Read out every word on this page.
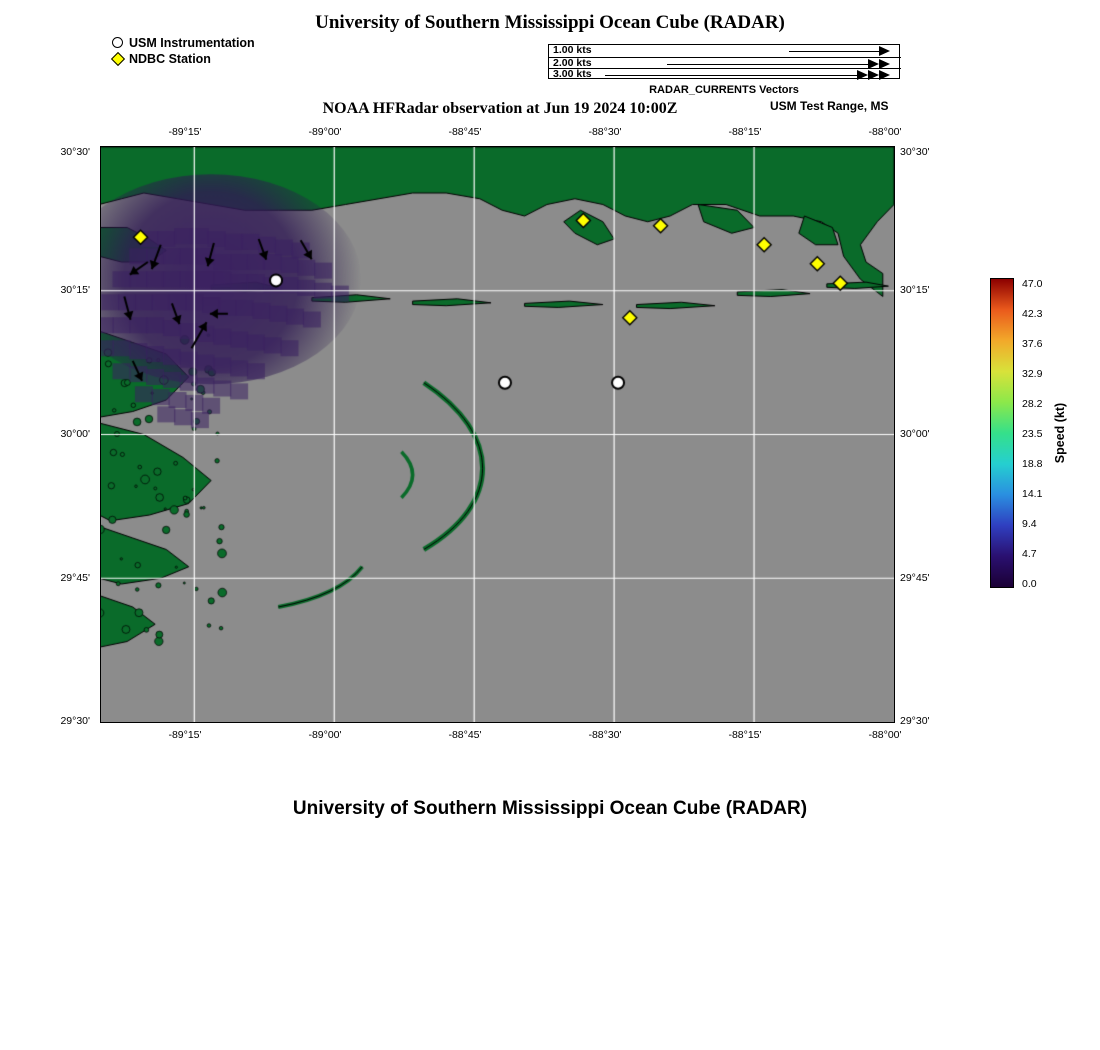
University of Southern Mississippi Ocean Cube (RADAR)
University of Southern Mississippi Ocean Cube (RADAR)
NOAA HFRadar observation at Jun 19 2024 10:00Z	USM Test Range, MS
USM Instrumentation
NDBC Station
1.00 kts
2.00 kts
3.00 kts
RADAR_CURRENTS Vectors
-89°15'	-89°00'	-88°45'	-88°30'	-88°15'	-88°00'
-89°15'	-89°00'	-88°45'	-88°30'	-88°15'	-88°00'
30°30'
30°15'
30°00'
29°45'
29°30'
30°30'
30°15'
30°00'
29°45'
29°30'
47.0
42.3
37.6
32.9
28.2
23.5
18.8
14.1
9.4
4.7
0.0
Speed (kt)
